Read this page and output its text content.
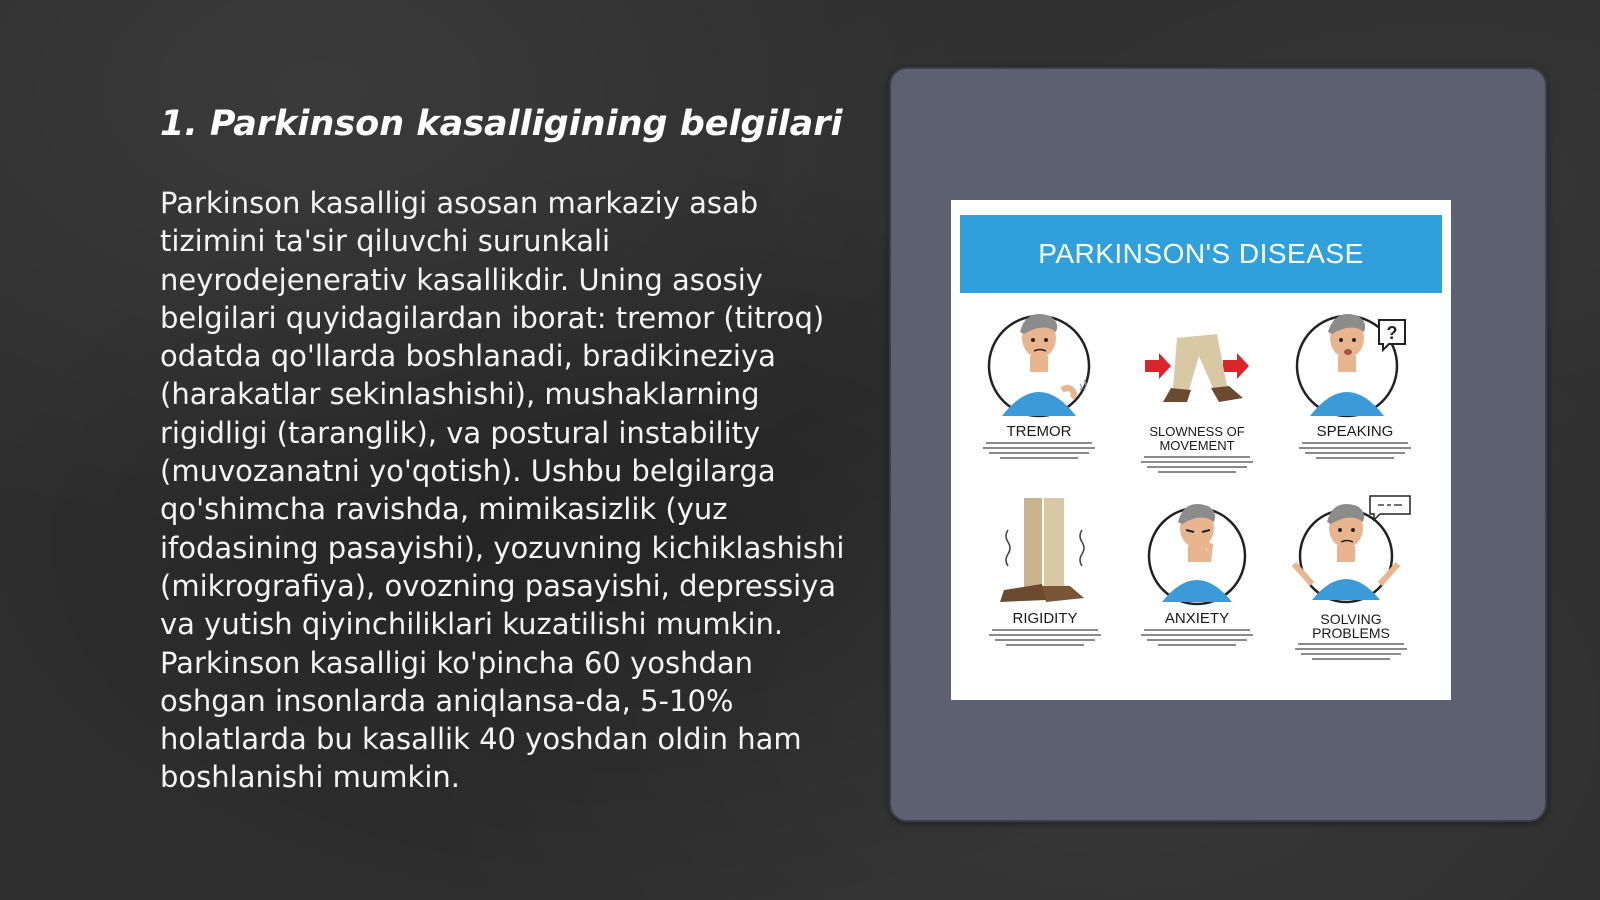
1. Parkinson kasalligining belgilari

Parkinson kasalligi asosan markaziy asab tizimini ta'sir qiluvchi surunkali neyrodejenerativ kasallikdir. Uning asosiy belgilari quyidagilardan iborat: tremor (titroq) odatda qo'llarda boshlanadi, bradikineziya (harakatlar sekinlashishi), mushaklarning rigidligi (taranglik), va postural instability (muvozanatni yo'qotish). Ushbu belgilarga qo'shimcha ravishda, mimikasizlik (yuz ifodasining pasayishi), yozuvning kichiklashishi (mikrografiya), ovozning pasayishi, depressiya va yutish qiyinchiliklari kuzatilishi mumkin. Parkinson kasalligi ko'pincha 60 yoshdan oshgan insonlarda aniqlansa-da, 5-10% holatlarda bu kasallik 40 yoshdan oldin ham boshlanishi mumkin.

PARKINSON'S DISEASE
TREMOR	SLOWNESS OF MOVEMENT
?
SPEAKING
RIGIDITY	ANXIETY	SOLVING PROBLEMS
